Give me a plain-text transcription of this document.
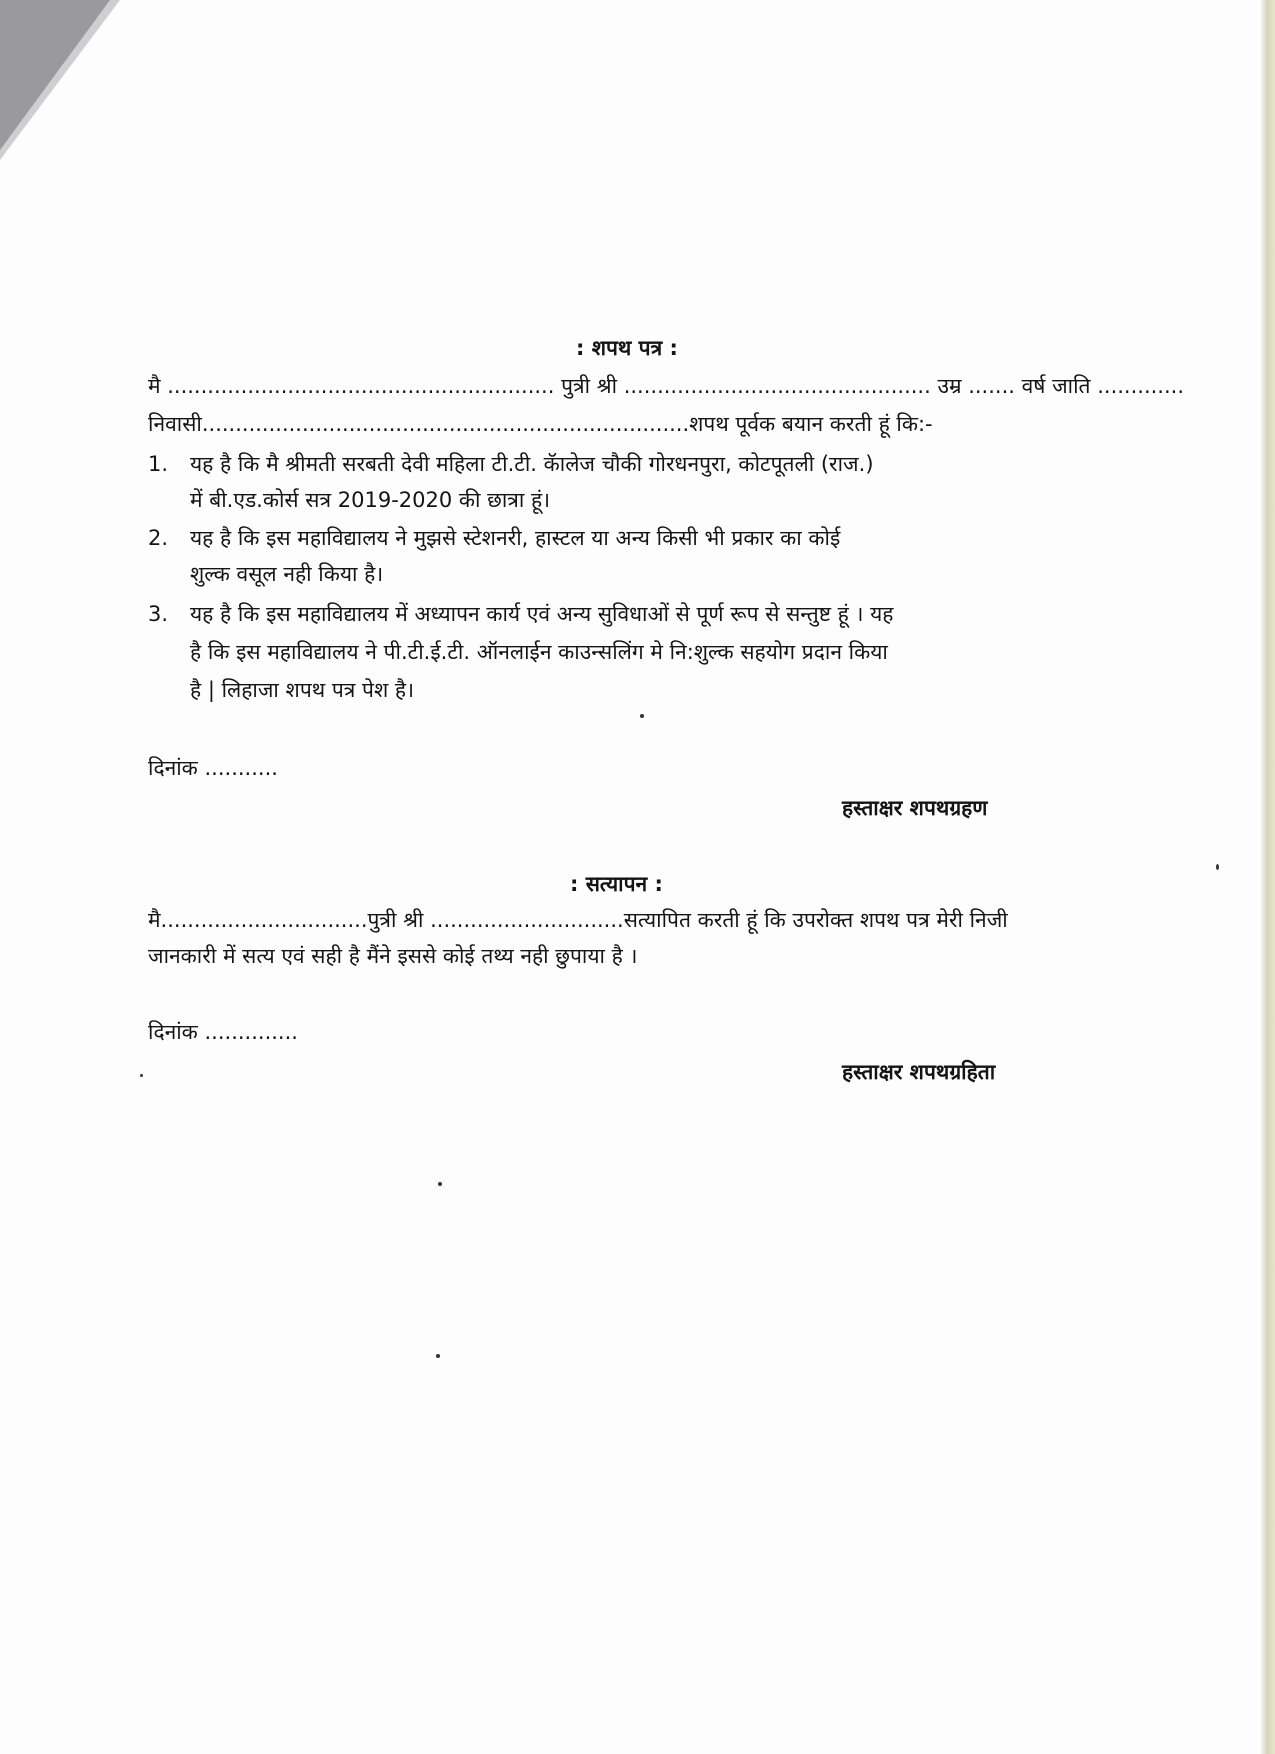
: शपथ पत्र :
मै .......................................................... पुत्री श्री .............................................. उम्र ....... वर्ष जाति .............
निवासी.........................................................................शपथ पूर्वक बयान करती हूं कि:-
1. यह है कि मै श्रीमती सरबती देवी महिला टी.टी. कॅालेज चौकी गोरधनपुरा, कोटपूतली (राज.)
में बी.एड.कोर्स सत्र 2019-2020 की छात्रा हूं।
2. यह है कि इस महाविद्यालय ने मुझसे स्टेशनरी, हास्टल या अन्य किसी भी प्रकार का कोई
शुल्क वसूल नही किया है।
3. यह है कि इस महाविद्यालय में अध्यापन कार्य एवं अन्य सुविधाओं से पूर्ण रूप से सन्तुष्ट हूं । यह
है कि इस महाविद्यालय ने पी.टी.ई.टी. ऑनलाईन काउन्सलिंग मे नि:शुल्क सहयोग प्रदान किया
है | लिहाजा शपथ पत्र पेश है।
दिनांक ...........
हस्ताक्षर शपथग्रहण
: सत्यापन :
मै...............................पुत्री श्री .............................सत्यापित करती हूं कि उपरोक्त शपथ पत्र मेरी निजी
जानकारी में सत्य एवं सही है मैंने इससे कोई तथ्य नही छुपाया है ।
दिनांक ..............
हस्ताक्षर शपथग्रहिता
